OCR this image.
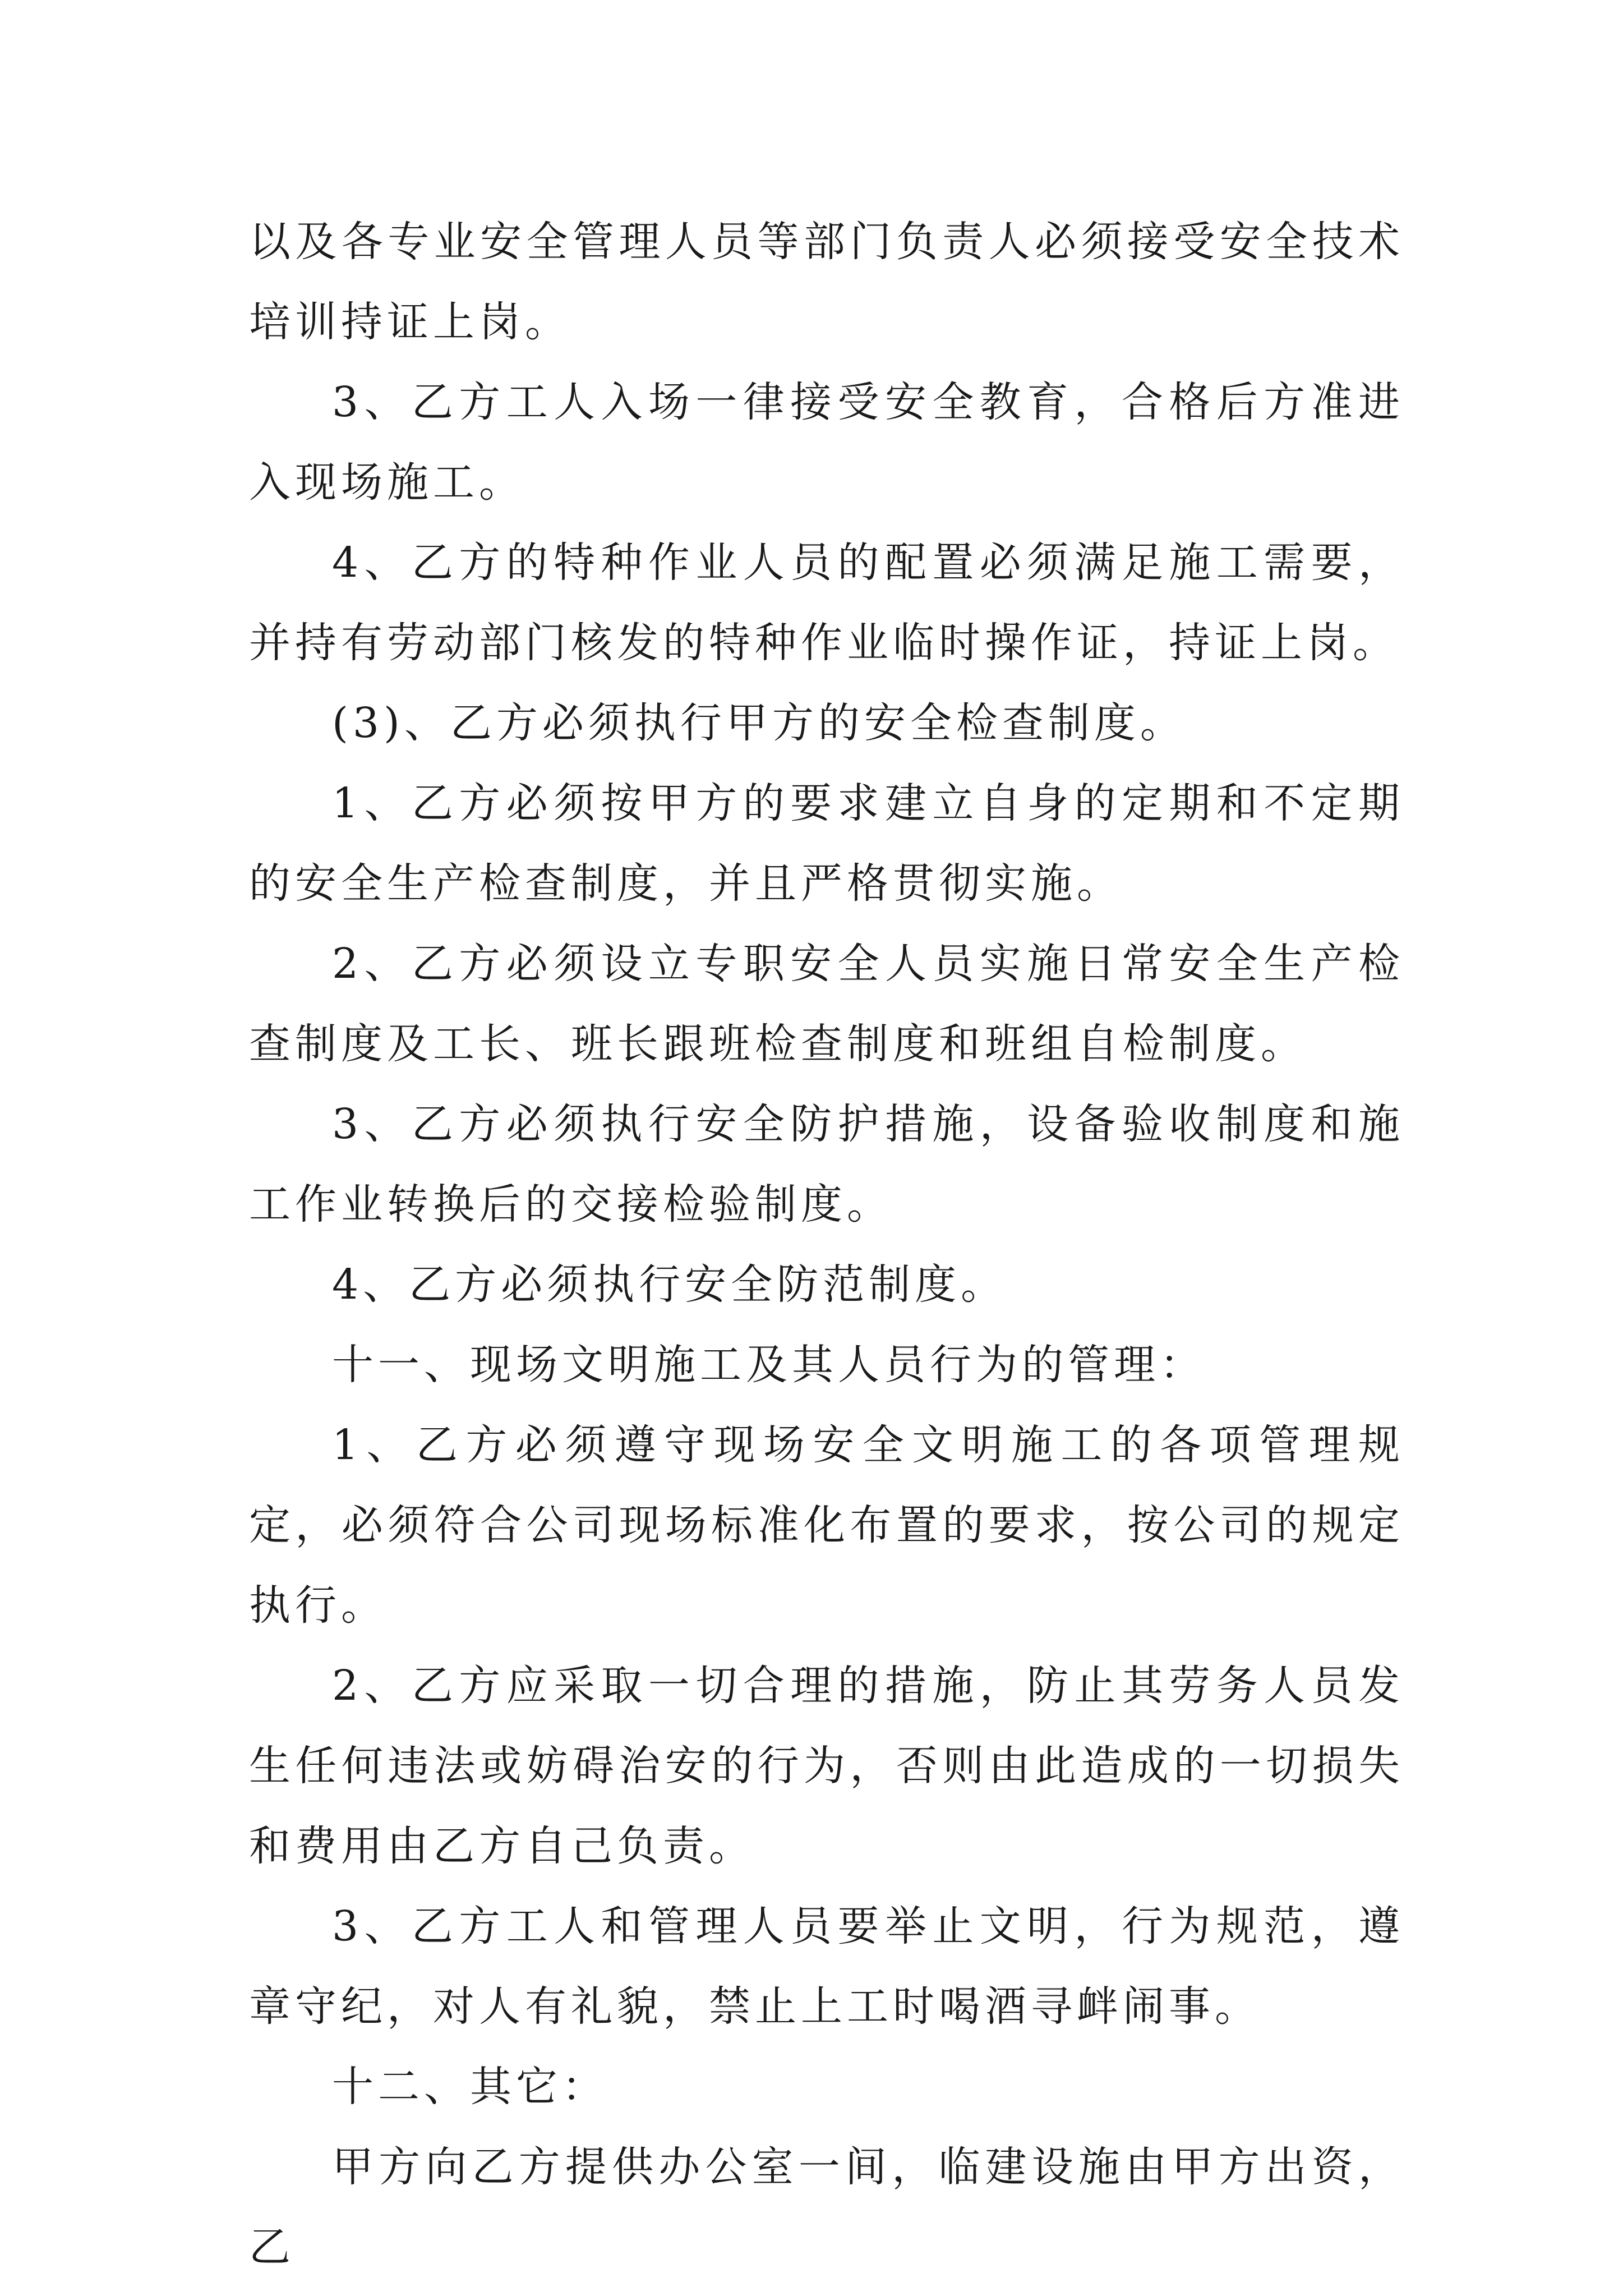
以及各专业安全管理人员等部门负责人必须接受安全技术培训持证上岗。

3、乙方工人入场一律接受安全教育，合格后方准进入现场施工。

4、乙方的特种作业人员的配置必须满足施工需要，并持有劳动部门核发的特种作业临时操作证，持证上岗。

(3)、乙方必须执行甲方的安全检查制度。

1、乙方必须按甲方的要求建立自身的定期和不定期的安全生产检查制度，并且严格贯彻实施。

2、乙方必须设立专职安全人员实施日常安全生产检查制度及工长、班长跟班检查制度和班组自检制度。

3、乙方必须执行安全防护措施，设备验收制度和施工作业转换后的交接检验制度。

4、乙方必须执行安全防范制度。

十一、现场文明施工及其人员行为的管理：

1、乙方必须遵守现场安全文明施工的各项管理规定，必须符合公司现场标准化布置的要求，按公司的规定执行。

2、乙方应采取一切合理的措施，防止其劳务人员发生任何违法或妨碍治安的行为，否则由此造成的一切损失和费用由乙方自己负责。

3、乙方工人和管理人员要举止文明，行为规范，遵章守纪，对人有礼貌，禁止上工时喝酒寻衅闹事。

十二、其它：

甲方向乙方提供办公室一间，临建设施由甲方出资，乙
